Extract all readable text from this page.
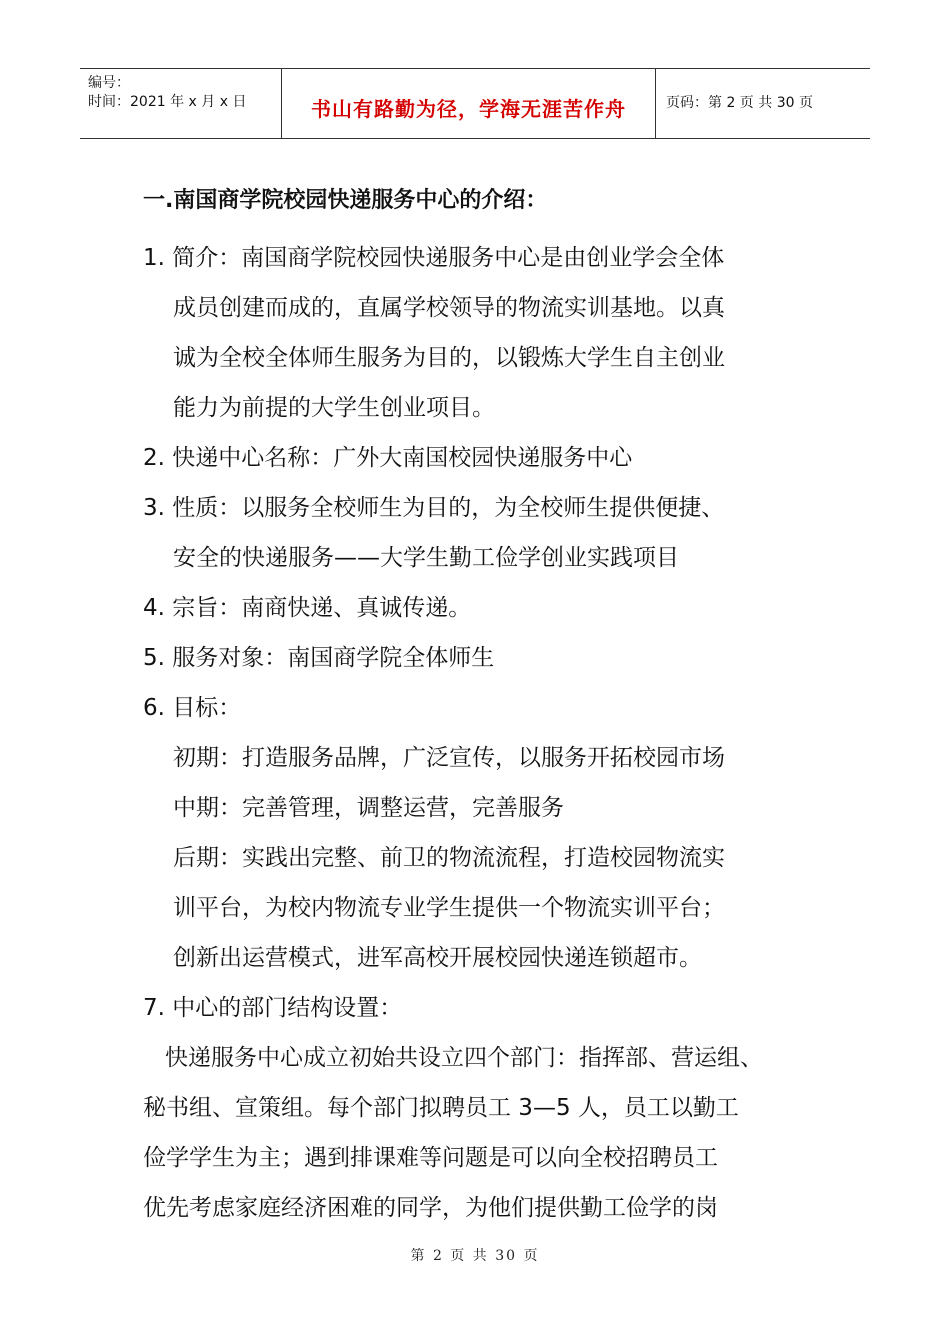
编号：
时间：2021 年 x 月 x 日	书山有路勤为径，学海无涯苦作舟	页码：第 2 页 共 30 页
一.南国商学院校园快递服务中心的介绍：
1. 简介：南国商学院校园快递服务中心是由创业学会全体
成员创建而成的，直属学校领导的物流实训基地。以真
诚为全校全体师生服务为目的，以锻炼大学生自主创业
能力为前提的大学生创业项目。
2. 快递中心名称：广外大南国校园快递服务中心
3. 性质：以服务全校师生为目的，为全校师生提供便捷、
安全的快递服务——大学生勤工俭学创业实践项目
4. 宗旨：南商快递、真诚传递。
5. 服务对象：南国商学院全体师生
6. 目标：
初期：打造服务品牌，广泛宣传，以服务开拓校园市场
中期：完善管理，调整运营，完善服务
后期：实践出完整、前卫的物流流程，打造校园物流实
训平台，为校内物流专业学生提供一个物流实训平台；
创新出运营模式，进军高校开展校园快递连锁超市。
7. 中心的部门结构设置：
快递服务中心成立初始共设立四个部门：指挥部、营运组、
秘书组、宣策组。每个部门拟聘员工 3—5 人，员工以勤工
俭学学生为主；遇到排课难等问题是可以向全校招聘员工
优先考虑家庭经济困难的同学，为他们提供勤工俭学的岗
第 2 页 共 30 页
